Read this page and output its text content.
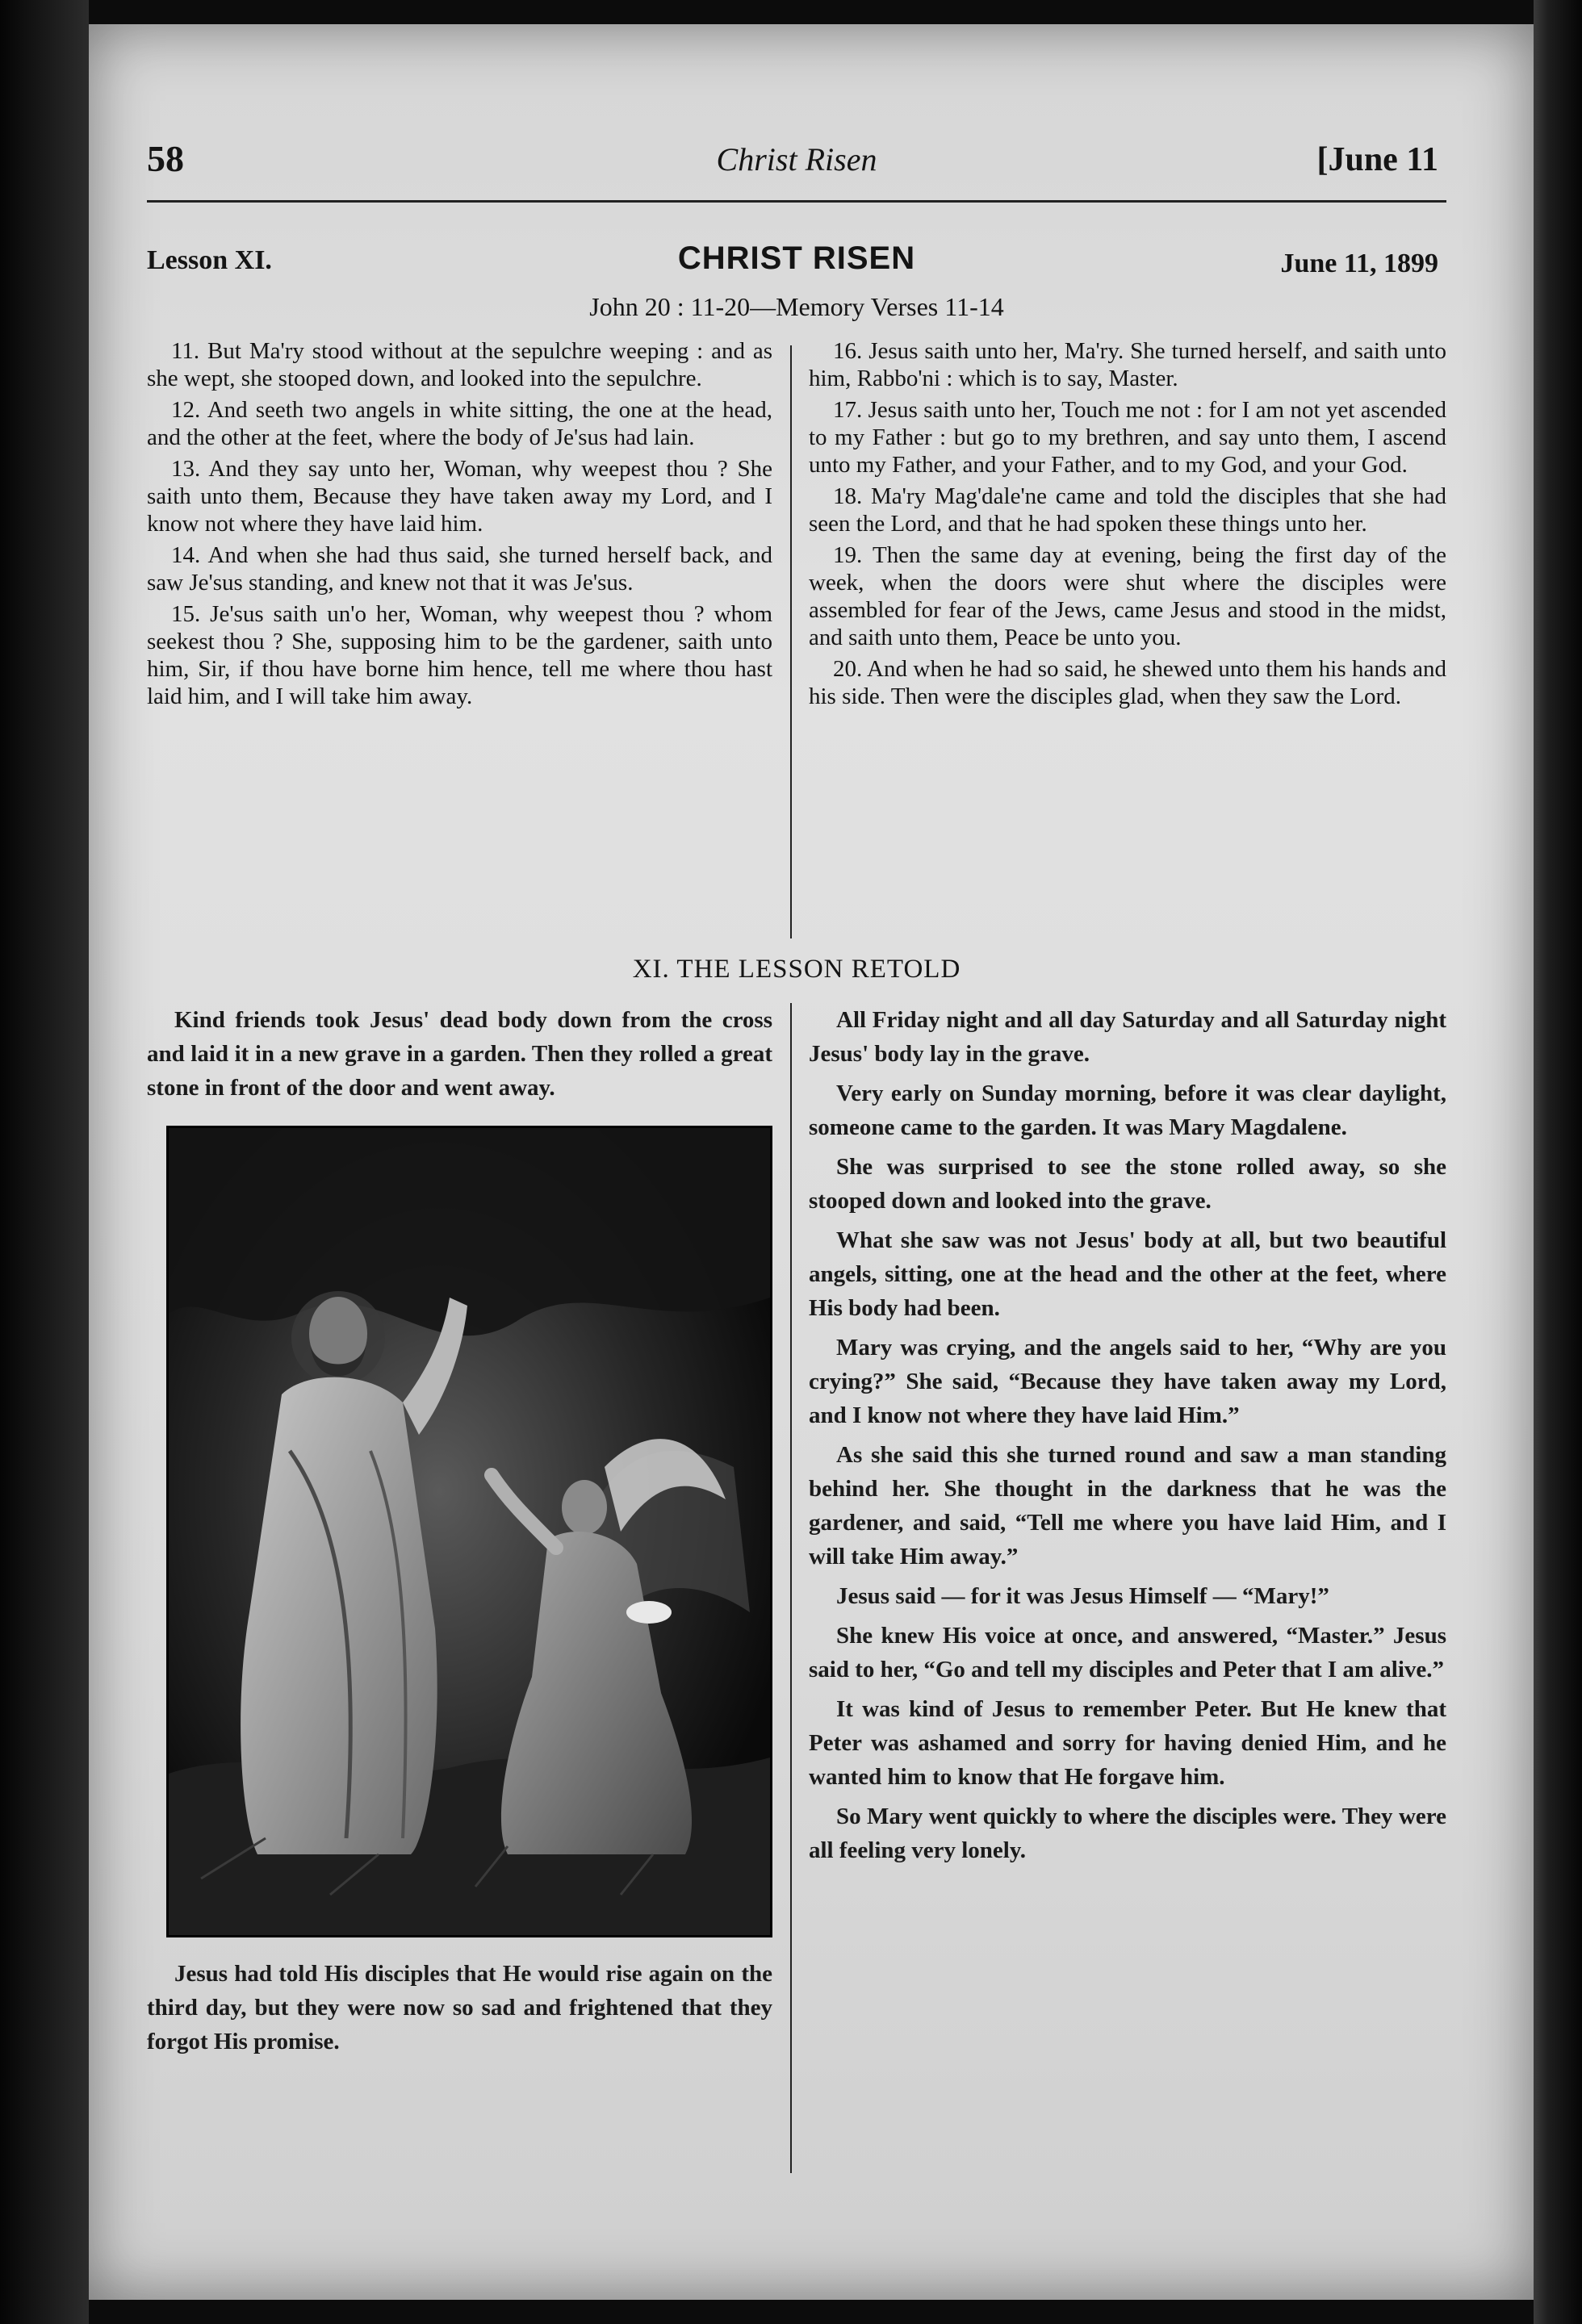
58	Christ Risen	[June 11
Lesson XI.	CHRIST RISEN	June 11, 1899
John 20 : 11-20—Memory Verses 11-14

11. But Ma'ry stood without at the sepulchre weeping : and as she wept, she stooped down, and looked into the sepulchre.

12. And seeth two angels in white sitting, the one at the head, and the other at the feet, where the body of Je'sus had lain.

13. And they say unto her, Woman, why weepest thou ? She saith unto them, Because they have taken away my Lord, and I know not where they have laid him.

14. And when she had thus said, she turned herself back, and saw Je'sus standing, and knew not that it was Je'sus.

15. Je'sus saith un'o her, Woman, why weepest thou ? whom seekest thou ? She, supposing him to be the gardener, saith unto him, Sir, if thou have borne him hence, tell me where thou hast laid him, and I will take him away.

16. Jesus saith unto her, Ma'ry. She turned herself, and saith unto him, Rabbo'ni : which is to say, Master.

17. Jesus saith unto her, Touch me not : for I am not yet ascended to my Father : but go to my brethren, and say unto them, I ascend unto my Father, and your Father, and to my God, and your God.

18. Ma'ry Mag'dale'ne came and told the disciples that she had seen the Lord, and that he had spoken these things unto her.

19. Then the same day at evening, being the first day of the week, when the doors were shut where the disciples were assembled for fear of the Jews, came Jesus and stood in the midst, and saith unto them, Peace be unto you.

20. And when he had so said, he shewed unto them his hands and his side. Then were the disciples glad, when they saw the Lord.

XI. THE LESSON RETOLD

Kind friends took Jesus' dead body down from the cross and laid it in a new grave in a garden. Then they rolled a great stone in front of the door and went away.

Jesus had told His disciples that He would rise again on the third day, but they were now so sad and frightened that they forgot His promise.

All Friday night and all day Saturday and all Saturday night Jesus' body lay in the grave.

Very early on Sunday morning, before it was clear daylight, someone came to the garden. It was Mary Magdalene.

She was surprised to see the stone rolled away, so she stooped down and looked into the grave.

What she saw was not Jesus' body at all, but two beautiful angels, sitting, one at the head and the other at the feet, where His body had been.

Mary was crying, and the angels said to her, “Why are you crying?” She said, “Because they have taken away my Lord, and I know not where they have laid Him.”

As she said this she turned round and saw a man standing behind her. She thought in the darkness that he was the gardener, and said, “Tell me where you have laid Him, and I will take Him away.”

Jesus said — for it was Jesus Himself — “Mary!”

She knew His voice at once, and answered, “Master.” Jesus said to her, “Go and tell my disciples and Peter that I am alive.”

It was kind of Jesus to remember Peter. But He knew that Peter was ashamed and sorry for having denied Him, and he wanted him to know that He forgave him.

So Mary went quickly to where the disciples were. They were all feeling very lonely.
